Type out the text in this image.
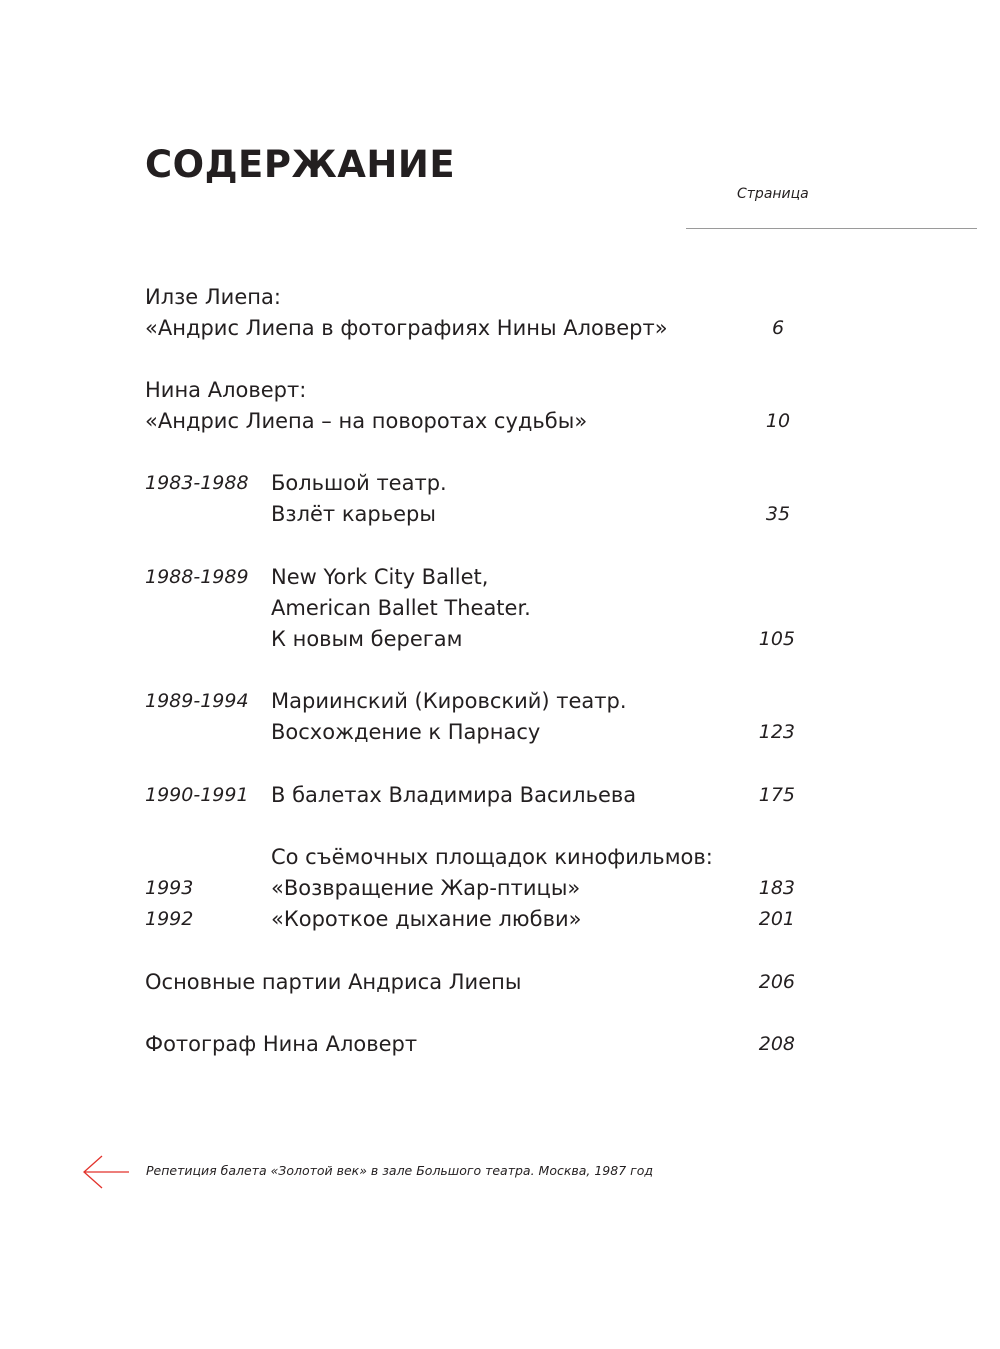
СОДЕРЖАНИЕ
Страница
Илзе Лиепа:
«Андрис Лиепа в фотографиях Нины Аловерт»	6
Нина Аловерт:
«Андрис Лиепа – на поворотах судьбы»	10
1983-1988 Большой театр.
Взлёт карьеры	35
1988-1989 New York City Ballet,
American Ballet Theater.
К новым берегам	105
1989-1994 Мариинский (Кировский) театр.
Восхождение к Парнасу	123
1990-1991 В балетах Владимира Васильева	175
Со съёмочных площадок кинофильмов:
1993	«Возвращение Жар-птицы»	183
1992	«Короткое дыхание любви»	201
Основные партии Андриса Лиепы	206
Фотограф Нина Аловерт	208
Репетиция балета «Золотой век» в зале Большого театра. Москва, 1987 год
